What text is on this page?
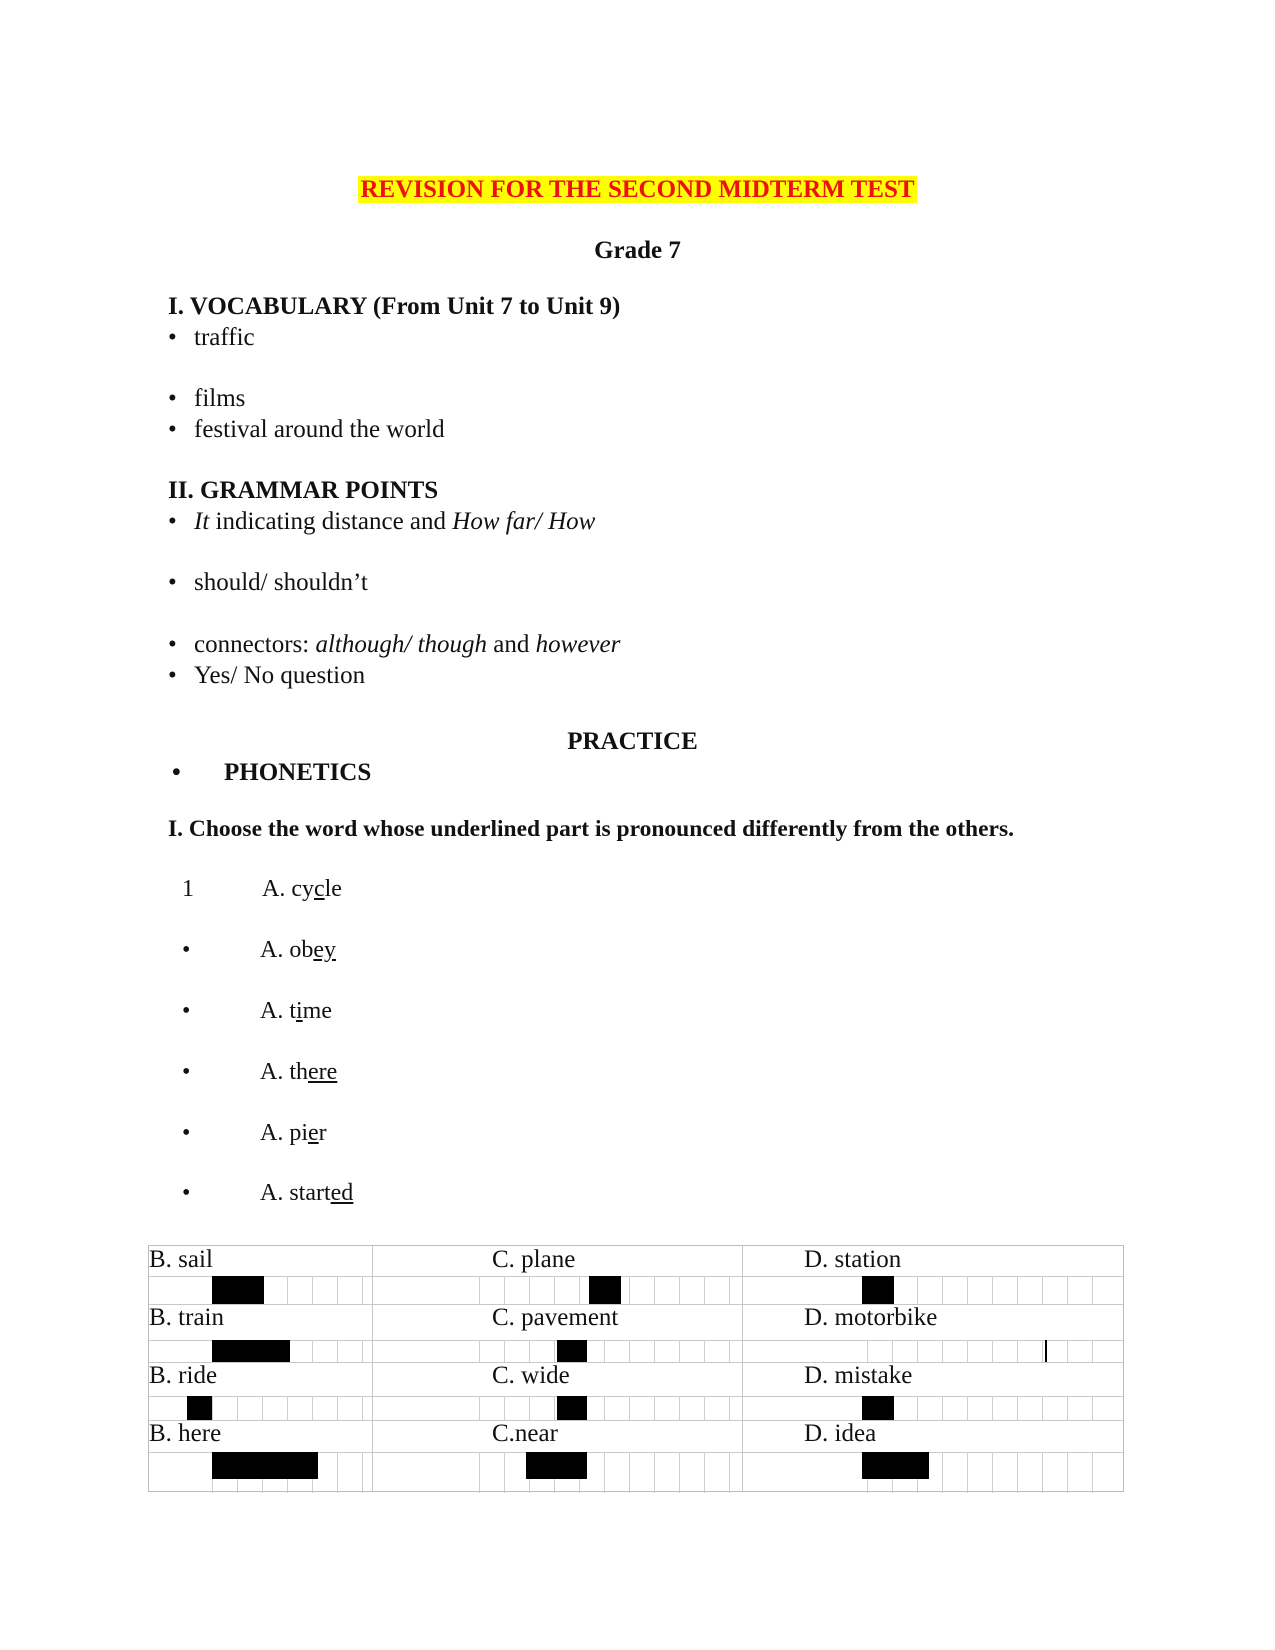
REVISION FOR THE SECOND MIDTERM TEST
Grade 7
I. VOCABULARY (From Unit 7 to Unit 9)
• traffic
• films
• festival around the world
II. GRAMMAR POINTS
• It indicating distance and How far/ How
• should/ shouldn’t
• connectors: although/ though and however
• Yes/ No question
PRACTICE
• PHONETICS
I. Choose the word whose underlined part is pronounced differently from the others.
1	A. cycle
•	A. obey
•	A. time
•	A. there
•	A. pier
•	A. started
B. sail	C. plane	D. station
B. train	C. pavement	D. motorbike
B. ride	C. wide	D. mistake
B. here	C.near	D. idea
